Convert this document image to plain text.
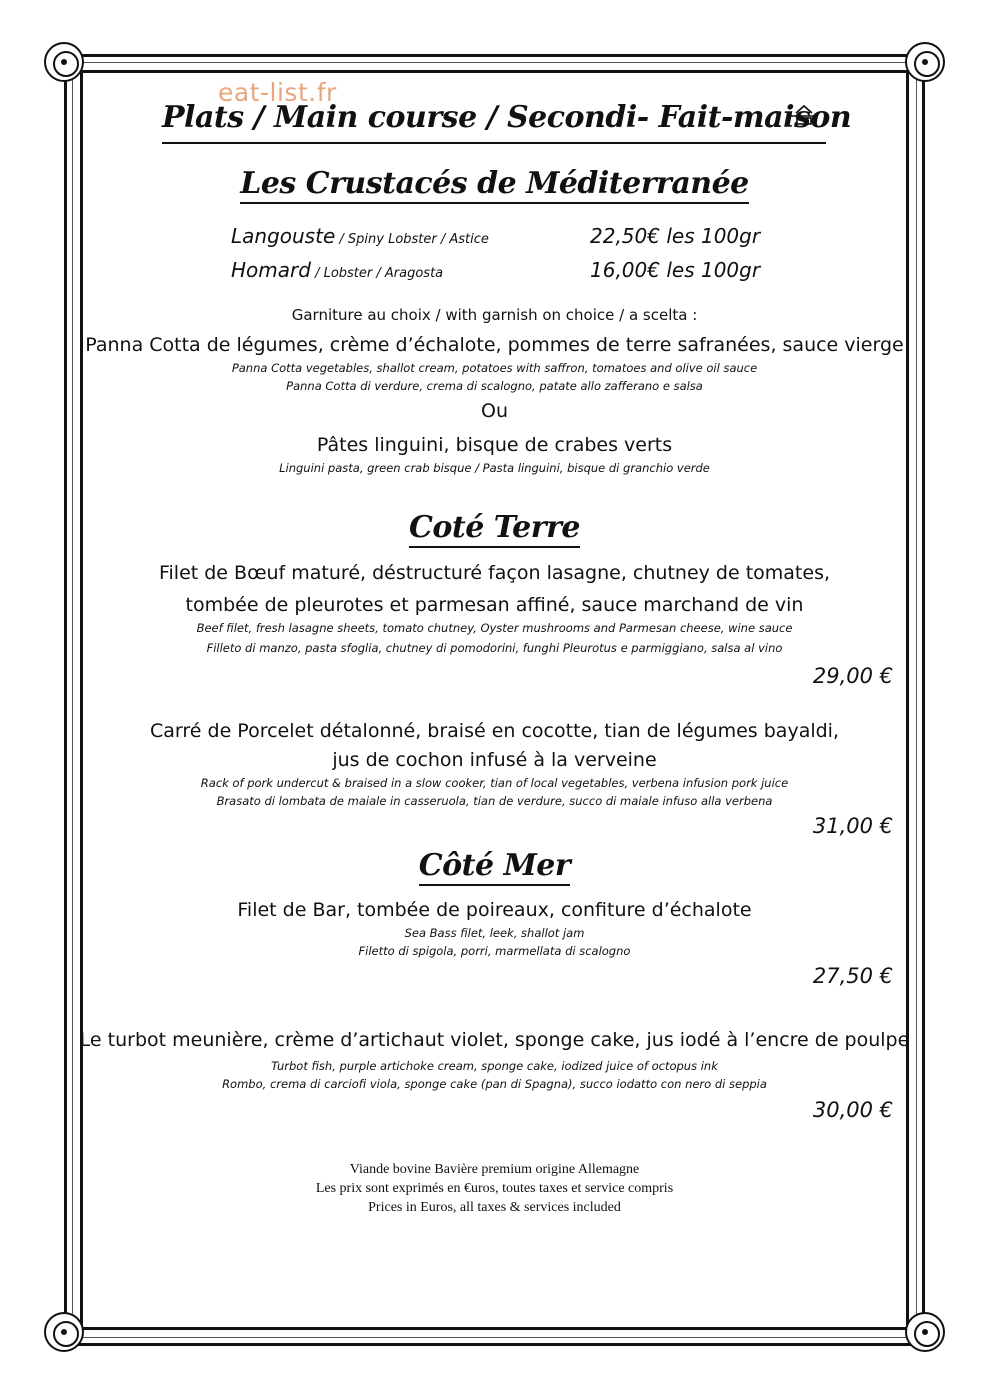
eat-list.fr
Plats / Main course / Secondi- Fait-maison
Les Crustacés de Méditerranée
Langouste / Spiny Lobster / Astice	22,50€ les 100gr
Homard / Lobster / Aragosta	16,00€ les 100gr
Garniture au choix / with garnish on choice / a scelta :
Panna Cotta de légumes, crème d’échalote, pommes de terre safranées, sauce vierge
Panna Cotta vegetables, shallot cream, potatoes with saffron, tomatoes and olive oil sauce
Panna Cotta di verdure, crema di scalogno, patate allo zafferano e salsa
Ou
Pâtes linguini, bisque de crabes verts
Linguini pasta, green crab bisque / Pasta linguini, bisque di granchio verde
Coté Terre
Filet de Bœuf maturé, déstructuré façon lasagne, chutney de tomates,
tombée de pleurotes et parmesan affiné, sauce marchand de vin
Beef filet, fresh lasagne sheets, tomato chutney, Oyster mushrooms and Parmesan cheese, wine sauce
Filleto di manzo, pasta sfoglia, chutney di pomodorini, funghi Pleurotus e parmiggiano, salsa al vino
29,00 €
Carré de Porcelet détalonné, braisé en cocotte, tian de légumes bayaldi,
jus de cochon infusé à la verveine
Rack of pork undercut & braised in a slow cooker, tian of local vegetables, verbena infusion pork juice
Brasato di lombata de maiale in casseruola, tian de verdure, succo di maiale infuso alla verbena
31,00 €
Côté Mer
Filet de Bar, tombée de poireaux, confiture d’échalote
Sea Bass filet, leek, shallot jam
Filetto di spigola, porri, marmellata di scalogno
27,50 €
Le turbot meunière, crème d’artichaut violet, sponge cake, jus iodé à l’encre de poulpe
Turbot fish, purple artichoke cream, sponge cake, iodized juice of octopus ink
Rombo, crema di carciofi viola, sponge cake (pan di Spagna), succo iodatto con nero di seppia
30,00 €
Viande bovine Bavière premium origine Allemagne
Les prix sont exprimés en €uros, toutes taxes et service compris
Prices in Euros, all taxes & services included
